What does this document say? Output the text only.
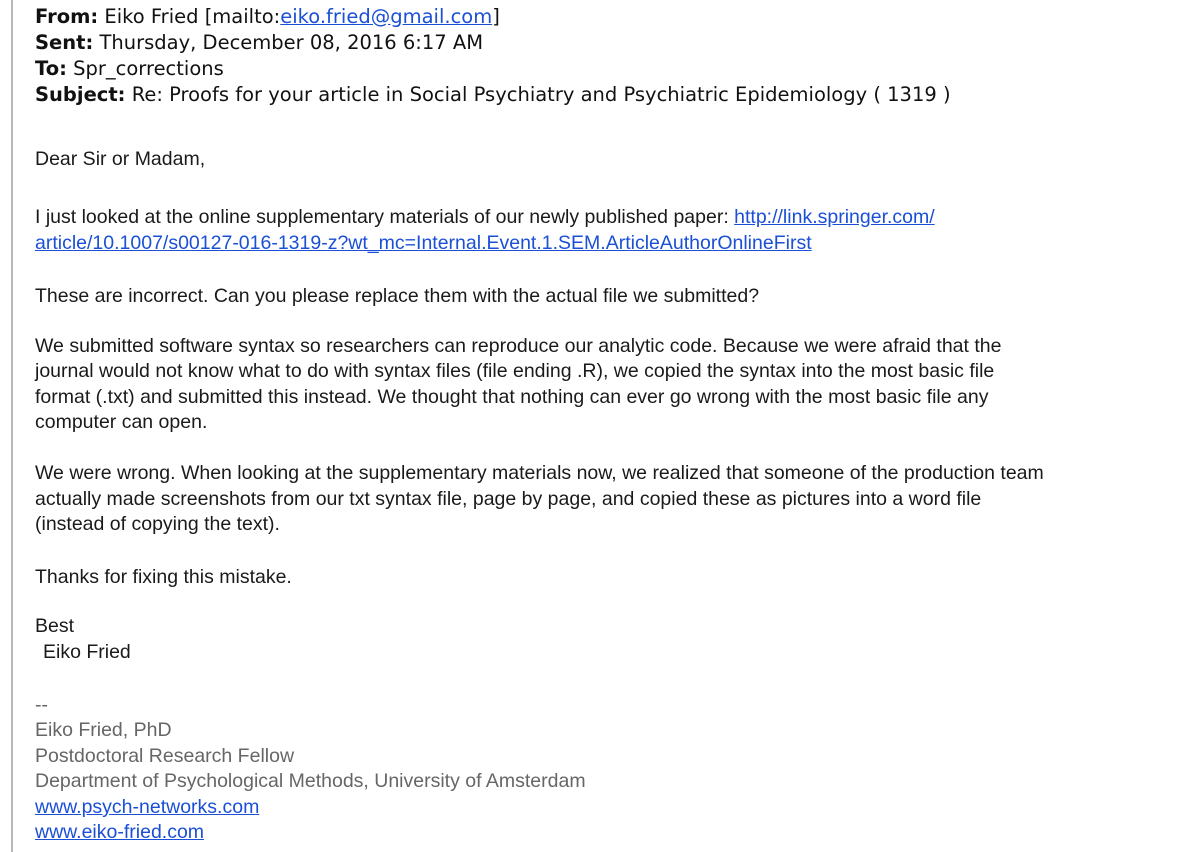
From: Eiko Fried [mailto:eiko.fried@gmail.com]
Sent: Thursday, December 08, 2016 6:17 AM
To: Spr_corrections
Subject: Re: Proofs for your article in Social Psychiatry and Psychiatric Epidemiology ( 1319 )
Dear Sir or Madam,
I just looked at the online supplementary materials of our newly published paper: http://link.springer.com/
article/10.1007/s00127-016-1319-z?wt_mc=Internal.Event.1.SEM.ArticleAuthorOnlineFirst
These are incorrect. Can you please replace them with the actual file we submitted?
We submitted software syntax so researchers can reproduce our analytic code. Because we were afraid that the
journal would not know what to do with syntax files (file ending .R), we copied the syntax into the most basic file
format (.txt) and submitted this instead. We thought that nothing can ever go wrong with the most basic file any
computer can open.
We were wrong. When looking at the supplementary materials now, we realized that someone of the production team
actually made screenshots from our txt syntax file, page by page, and copied these as pictures into a word file
(instead of copying the text).
Thanks for fixing this mistake.
Best
Eiko Fried
--
Eiko Fried, PhD
Postdoctoral Research Fellow
Department of Psychological Methods, University of Amsterdam
www.psych-networks.com
www.eiko-fried.com
